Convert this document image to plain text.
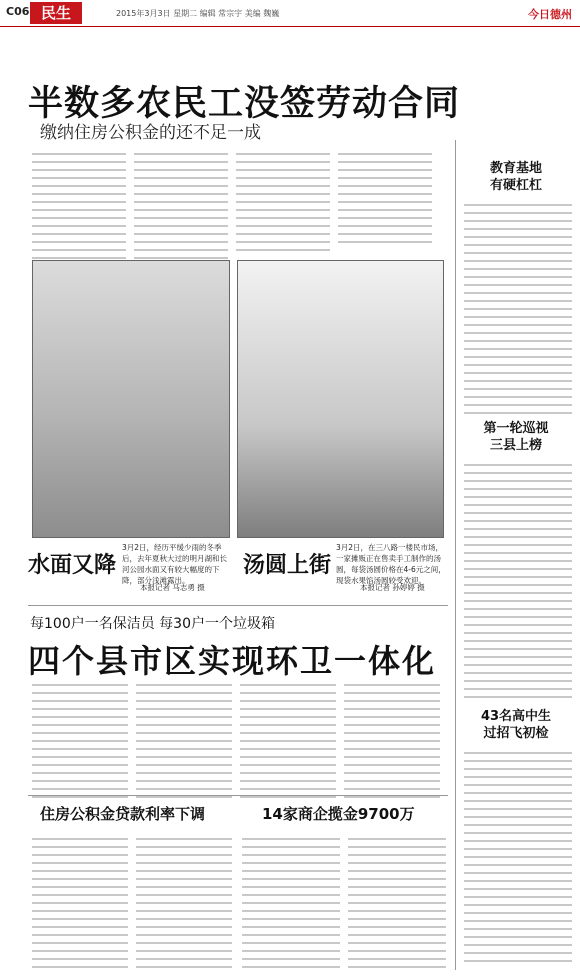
C06 民生	2015年3月3日 星期二 编辑 常宗宇 美编 魏巍	今日德州
半数多农民工没签劳动合同
缴纳住房公积金的还不足一成
水面又降
3月2日，经历平缓少雨的冬季后，去年夏秋大过的明月湖和长河公园水面又有较大幅度的下降，部分浅滩露出。
本报记者 马志勇 摄
汤圆上街
3月2日，在三八路一楼民市场，一家摊贩正在售卖手工制作的汤圆，每袋汤圆价格在4-6元之间，现袋水果馅汤圆较受欢迎。
本报记者 孙婷婷 摄
每100户一名保洁员 每30户一个垃圾箱
四个县市区实现环卫一体化
住房公积金贷款利率下调	14家商企揽金9700万
教育基地
有硬杠杠
第一轮巡视
三县上榜
43名高中生
过招飞初检
